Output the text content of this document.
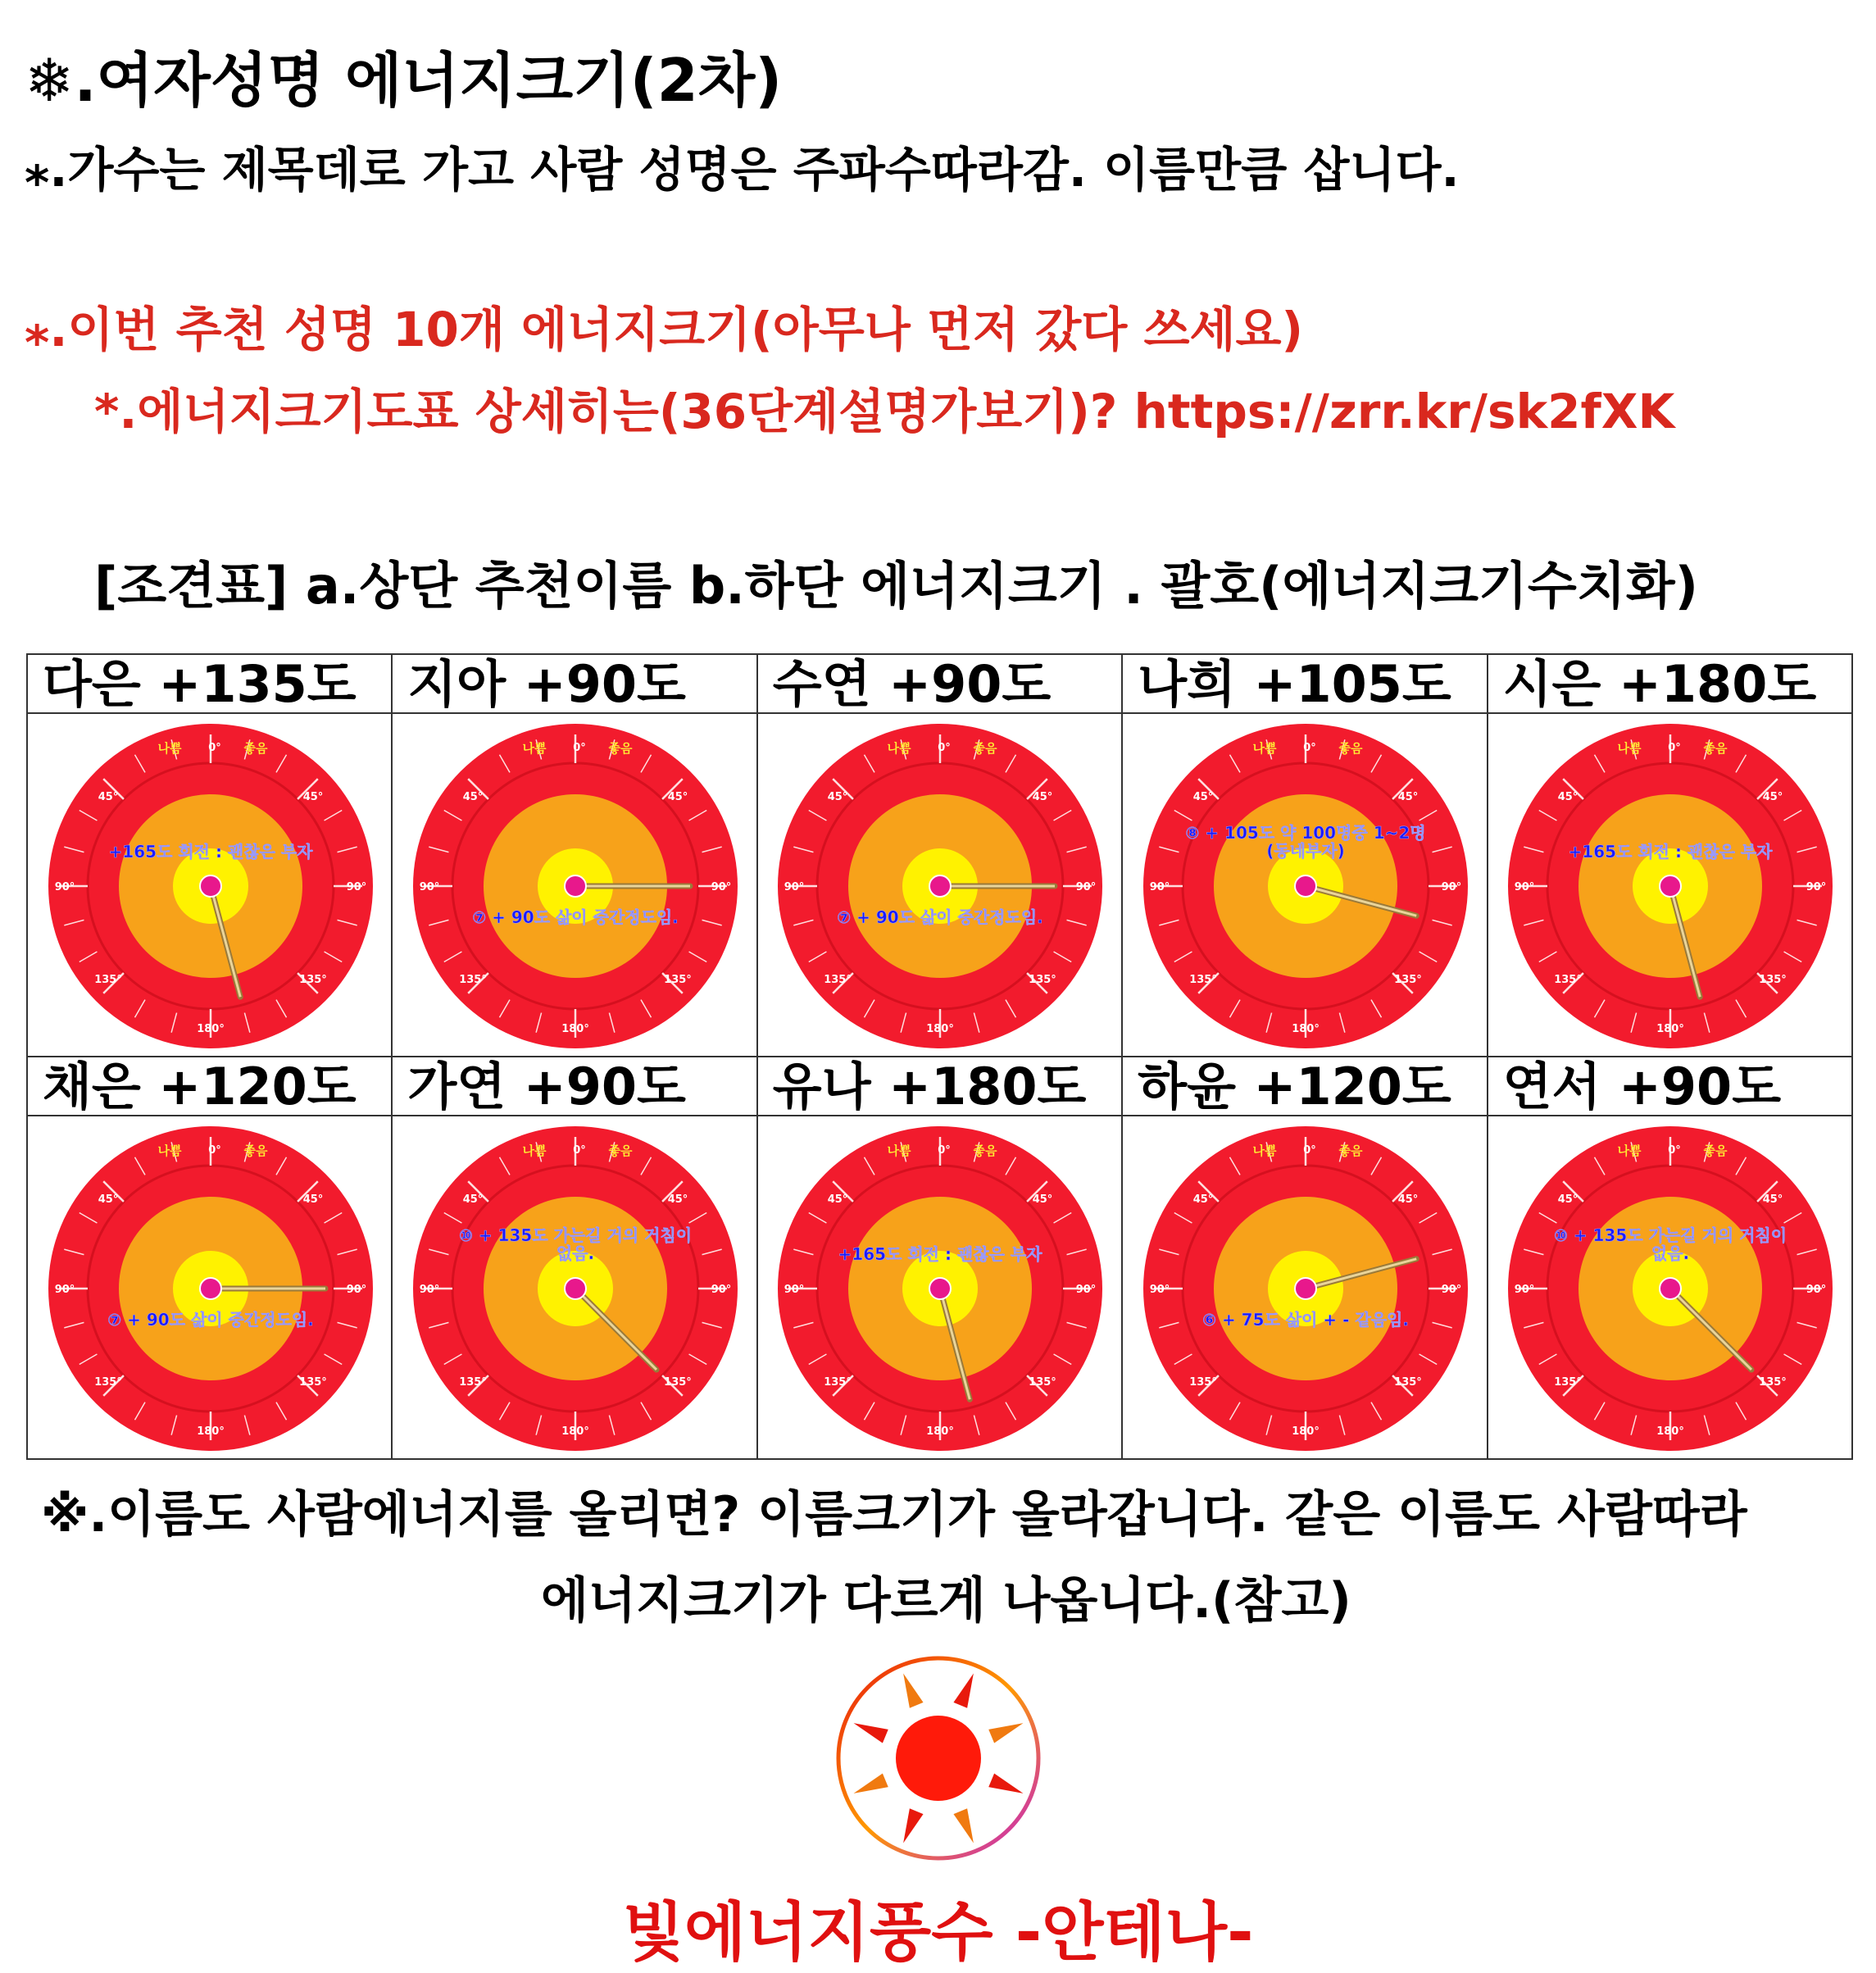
❄.여자성명 에너지크기(2차)
⁎.가수는 제목데로 가고 사람 성명은 주파수따라감. 이름만큼 삽니다.
⁎.이번 추천 성명 10개 에너지크기(아무나 먼저 갔다 쓰세요)
*.에너지크기도표 상세히는(36단계설명가보기)? https://zrr.kr/sk2fXK
[조견표] a.상단 추천이름 b.하단 에너지크기 . 괄호(에너지크기수치화)
다은 +135도
나쁨	좋음
0°
45°	45°
90°	90°
135°	135°
180°
+165도 회전 : 괜찮은 부자
지아 +90도
나쁨	좋음
0°
45°	45°
90°	90°
135°	135°
180°
⑦ + 90도 삶이 중간정도임.
수연 +90도
나쁨	좋음
0°
45°	45°
90°	90°
135°	135°
180°
⑦ + 90도 삶이 중간정도임.
나희 +105도
나쁨	좋음
0°
45°	45°
90°	90°
135°	135°
180°
⑧ + 105도 약 100명중 1~2명
(동네부자)
시은 +180도
나쁨	좋음
0°
45°	45°
90°	90°
135°	135°
180°
+165도 회전 : 괜찮은 부자
채은 +120도
나쁨	좋음
0°
45°	45°
90°	90°
135°	135°
180°
⑦ + 90도 삶이 중간정도임.
가연 +90도
나쁨	좋음
0°
45°	45°
90°	90°
135°	135°
180°
⑩ + 135도 가는길 거의 거침이
없음.
유나 +180도
나쁨	좋음
0°
45°	45°
90°	90°
135°	135°
180°
+165도 회전 : 괜찮은 부자
하윤 +120도
나쁨	좋음
0°
45°	45°
90°	90°
135°	135°
180°
⑥ + 75도 삶이 + - 같음임.
연서 +90도
나쁨	좋음
0°
45°	45°
90°	90°
135°	135°
180°
⑩ + 135도 가는길 거의 거침이
없음.
※.이름도 사람에너지를 올리면? 이름크기가 올라갑니다. 같은 이름도 사람따라
에너지크기가 다르게 나옵니다.(참고)
빛에너지풍수 -안테나-
